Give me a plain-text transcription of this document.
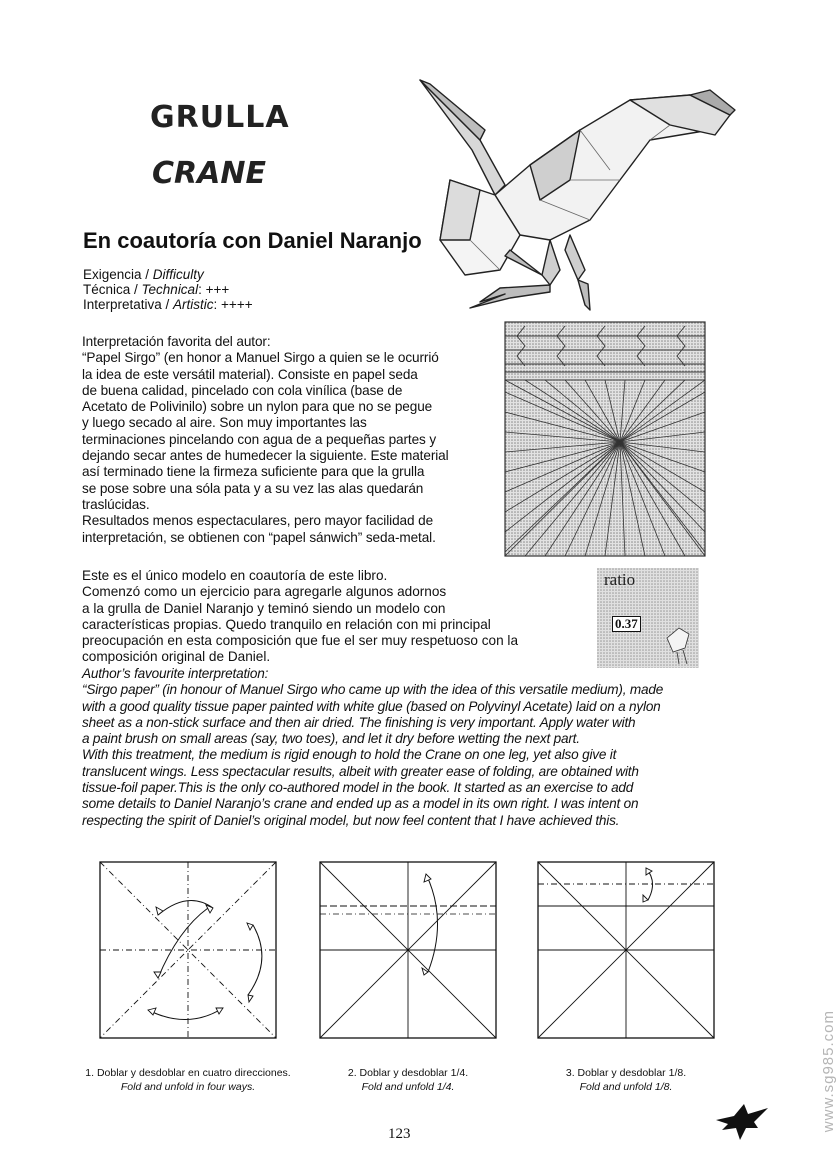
GRULLA
CRANE
En coautoría con Daniel Naranjo
Exigencia / Difficulty
Técnica / Technical: +++
Interpretativa / Artistic: ++++
Interpretación favorita del autor:
“Papel Sirgo” (en honor a Manuel Sirgo a quien se le ocurrió
la idea de este versátil material). Consiste en papel seda
de buena calidad, pincelado con cola vinílica (base de
Acetato de Polivinilo) sobre un nylon para que no se pegue
y luego secado al aire. Son muy importantes las
terminaciones pincelando con agua de a pequeñas partes y
dejando secar antes de humedecer la siguiente. Este material
así terminado tiene la firmeza suficiente para que la grulla
se pose sobre una sóla pata y a su vez las alas quedarán
traslúcidas.
Resultados menos espectaculares, pero mayor facilidad de
interpretación, se obtienen con “papel sánwich” seda-metal.
ratio
0.37
Este es el único modelo en coautoría de este libro.
Comenzó como un ejercicio para agregarle algunos adornos
a la grulla de Daniel Naranjo y teminó siendo un modelo con
características propias. Quedo tranquilo en relación con mi principal
preocupación en esta composición que fue el ser muy respetuoso con la
composición original de Daniel.
Author’s favourite interpretation:
“Sirgo paper” (in honour of Manuel Sirgo who came up with the idea of this versatile medium), made
with a good quality tissue paper painted with white glue (based on Polyvinyl Acetate) laid on a nylon
sheet as a non-stick surface and then air dried. The finishing is very important. Apply water with
a paint brush on small areas (say, two toes), and let it dry before wetting the next part.
With this treatment, the medium is rigid enough to hold the Crane on one leg, yet also give it
translucent wings. Less spectacular results, albeit with greater ease of folding, are obtained with
tissue-foil paper.This is the only co-authored model in the book. It started as an exercise to add
some details to Daniel Naranjo’s crane and ended up as a model in its own right. I was intent on
respecting the spirit of Daniel’s original model, but now feel content that I have achieved this.
1. Doblar y desdoblar en cuatro direcciones.
Fold and unfold in four ways.
2. Doblar y desdoblar 1/4.
Fold and unfold 1/4.
3. Doblar y desdoblar 1/8.
Fold and unfold 1/8.
123
www.sg985.com
